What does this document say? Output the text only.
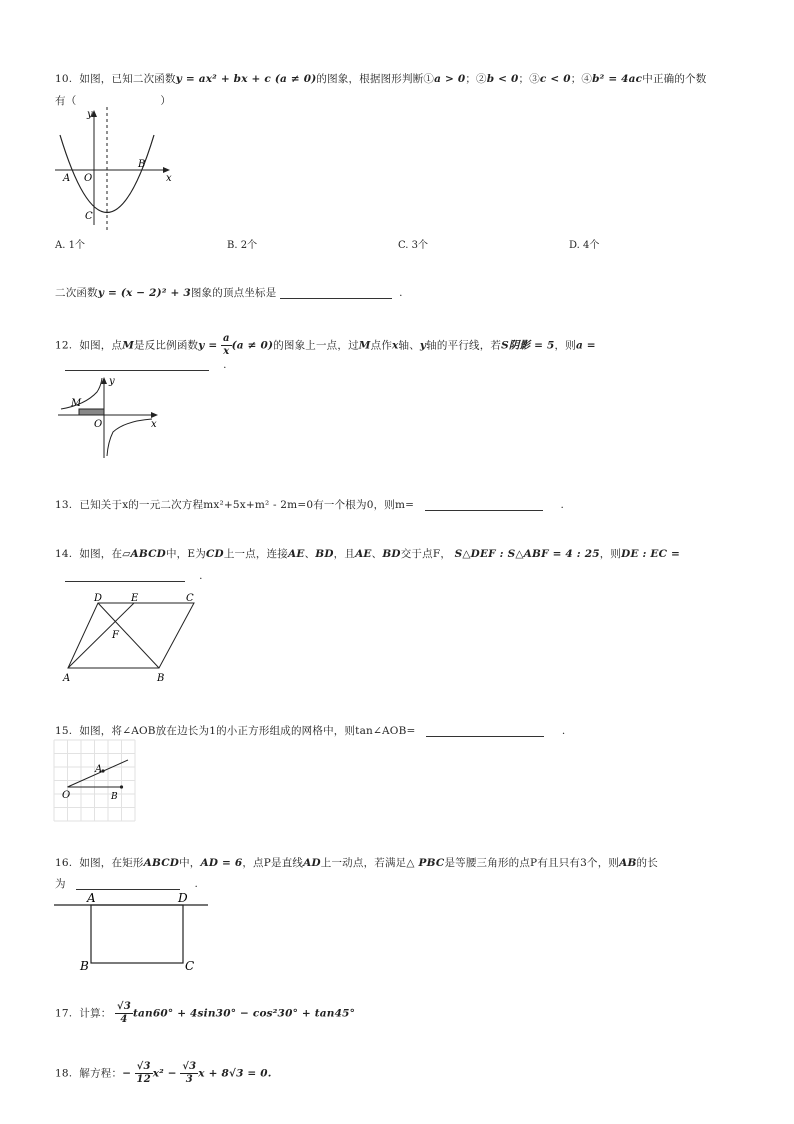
10. 如图，已知二次函数y = ax² + bx + c (a ≠ 0)的图象，根据图形判断①a > 0；②b < 0；③c < 0；④b² = 4ac中正确的个数
有（	）
y
x
O
A
B
C
A. 1个	B. 2个	C. 3个	D. 4个
二次函数y = (x − 2)² + 3图象的顶点坐标是	.
12. 如图，点M是反比例函数$y = \frac{a}{x} (a \ne 0)$的图象上一点，过M点作x轴、y轴的平行线，若S阴影 = 5，则a =
.
y
x
O
M
13. 已知关于x的一元二次方程mx²+5x+m² - 2m=0有一个根为0，则m=	.
14. 如图，在▱ABCD中，E为CD上一点，连接AE、BD，且AE、BD交于点F， S△DEF : S△ABF = 4 : 25，则DE : EC =
.
D	E	C
F
A	B
15. 如图，将∠AOB放在边长为1的小正方形组成的网格中，则tan∠AOB=	.
A
O	B
16. 如图，在矩形ABCD中，AD = 6，点P是直线AD上一动点，若满足△ PBC是等腰三角形的点P有且只有3个，则AB的长
为	.
A	D
B	C
17. 计算： $\frac{√3}{4} \tan 60^\circ + 4\sin 30^\circ - \cos^230^\circ + \tan 45^\circ$
18. 解方程：− $\frac{√3}{12} x^2 - \frac{√3}{3}$ x + 8√3 = 0.
